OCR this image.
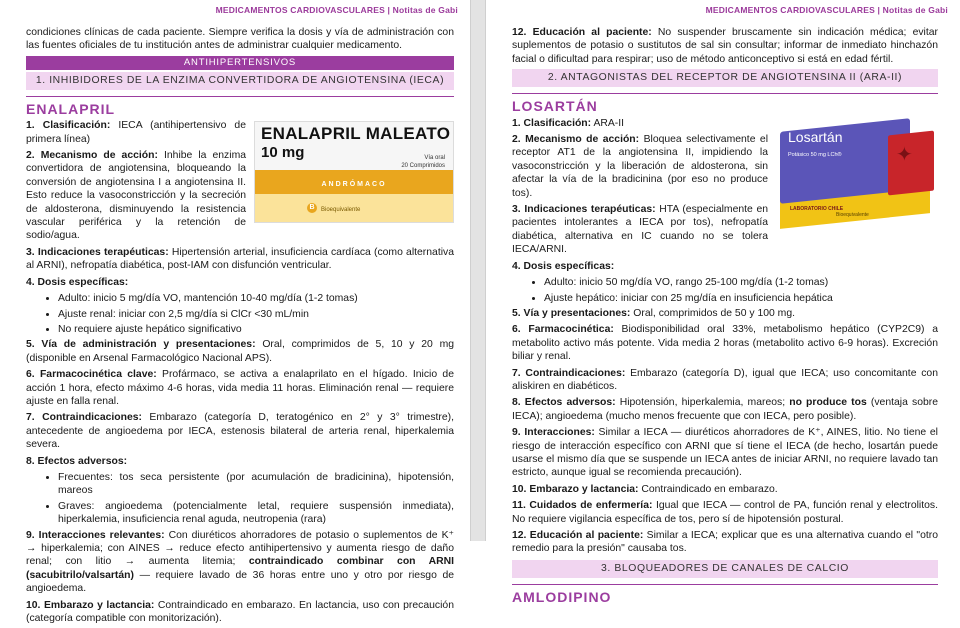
MEDICAMENTOS CARDIOVASCULARES | Notitas de Gabi

condiciones clínicas de cada paciente. Siempre verifica la dosis y vía de administración con las fuentes oficiales de tu institución antes de administrar cualquier medicamento.

ANTIHIPERTENSIVOS
1. INHIBIDORES DE LA ENZIMA CONVERTIDORA DE ANGIOTENSINA (IECA)
ENALAPRIL
ENALAPRIL MALEATO
10 mg	Vía oral
20 Comprimidos
ANDRÓMACO
B	Bioequivalente

1. Clasificación: IECA (antihipertensivo de primera línea)

2. Mecanismo de acción: Inhibe la enzima convertidora de angiotensina, bloqueando la conversión de angiotensina I a angiotensina II. Esto reduce la vasoconstricción y la secreción de aldosterona, disminuyendo la resistencia vascular periférica y la retención de sodio/agua.

3. Indicaciones terapéuticas: Hipertensión arterial, insuficiencia cardíaca (como alternativa al ARNI), nefropatía diabética, post-IAM con disfunción ventricular.

4. Dosis específicas:

• Adulto: inicio 5 mg/día VO, mantención 10-40 mg/día (1-2 tomas)
• Ajuste renal: iniciar con 2,5 mg/día si ClCr <30 mL/min
• No requiere ajuste hepático significativo

5. Vía de administración y presentaciones: Oral, comprimidos de 5, 10 y 20 mg (disponible en Arsenal Farmacológico Nacional APS).

6. Farmacocinética clave: Profármaco, se activa a enalaprilato en el hígado. Inicio de acción 1 hora, efecto máximo 4-6 horas, vida media 11 horas. Eliminación renal — requiere ajuste en falla renal.

7. Contraindicaciones: Embarazo (categoría D, teratogénico en 2° y 3° trimestre), antecedente de angioedema por IECA, estenosis bilateral de arteria renal, hiperkalemia severa.

8. Efectos adversos:

• Frecuentes: tos seca persistente (por acumulación de bradicinina), hipotensión, mareos
• Graves: angioedema (potencialmente letal, requiere suspensión inmediata), hiperkalemia, insuficiencia renal aguda, neutropenia (rara)

9. Interacciones relevantes: Con diuréticos ahorradores de potasio o suplementos de K⁺ → hiperkalemia; con AINES → reduce efecto antihipertensivo y aumenta riesgo de daño renal; con litio → aumenta litemia; contraindicado combinar con ARNI (sacubitrilo/valsartán) — requiere lavado de 36 horas entre uno y otro por riesgo de angioedema.

10. Embarazo y lactancia: Contraindicado en embarazo. En lactancia, uso con precaución (categoría compatible con monitorización).

MEDICAMENTOS CARDIOVASCULARES | Notitas de Gabi

12. Educación al paciente: No suspender bruscamente sin indicación médica; evitar suplementos de potasio o sustitutos de sal sin consultar; informar de inmediato hinchazón facial o dificultad para respirar; uso de método anticonceptivo si está en edad fértil.

2. ANTAGONISTAS DEL RECEPTOR DE ANGIOTENSINA II (ARA-II)
LOSARTÁN
Losartán
Potásico 50 mg LCh®	✦
LABORATORIO CHILE
Bioequivalente

1. Clasificación: ARA-II

2. Mecanismo de acción: Bloquea selectivamente el receptor AT1 de la angiotensina II, impidiendo la vasoconstricción y la liberación de aldosterona, sin afectar la vía de la bradicinina (por eso no produce tos).

3. Indicaciones terapéuticas: HTA (especialmente en pacientes intolerantes a IECA por tos), nefropatía diabética, alternativa en IC cuando no se tolera IECA/ARNI.

4. Dosis específicas:

• Adulto: inicio 50 mg/día VO, rango 25-100 mg/día (1-2 tomas)
• Ajuste hepático: iniciar con 25 mg/día en insuficiencia hepática

5. Vía y presentaciones: Oral, comprimidos de 50 y 100 mg.

6. Farmacocinética: Biodisponibilidad oral 33%, metabolismo hepático (CYP2C9) a metabolito activo más potente. Vida media 2 horas (metabolito activo 6-9 horas). Excreción biliar y renal.

7. Contraindicaciones: Embarazo (categoría D), igual que IECA; uso concomitante con aliskiren en diabéticos.

8. Efectos adversos: Hipotensión, hiperkalemia, mareos; no produce tos (ventaja sobre IECA); angioedema (mucho menos frecuente que con IECA, pero posible).

9. Interacciones: Similar a IECA — diuréticos ahorradores de K⁺, AINES, litio. No tiene el riesgo de interacción específico con ARNI que sí tiene el IECA (de hecho, losartán puede usarse el mismo día que se suspende un IECA antes de iniciar ARNI, no requiere lavado tan estricto, aunque igual se recomienda precaución).

10. Embarazo y lactancia: Contraindicado en embarazo.

11. Cuidados de enfermería: Igual que IECA — control de PA, función renal y electrolitos. No requiere vigilancia específica de tos, pero sí de hipotensión postural.

12. Educación al paciente: Similar a IECA; explicar que es una alternativa cuando el "otro remedio para la presión" causaba tos.

3. BLOQUEADORES DE CANALES DE CALCIO
AMLODIPINO
